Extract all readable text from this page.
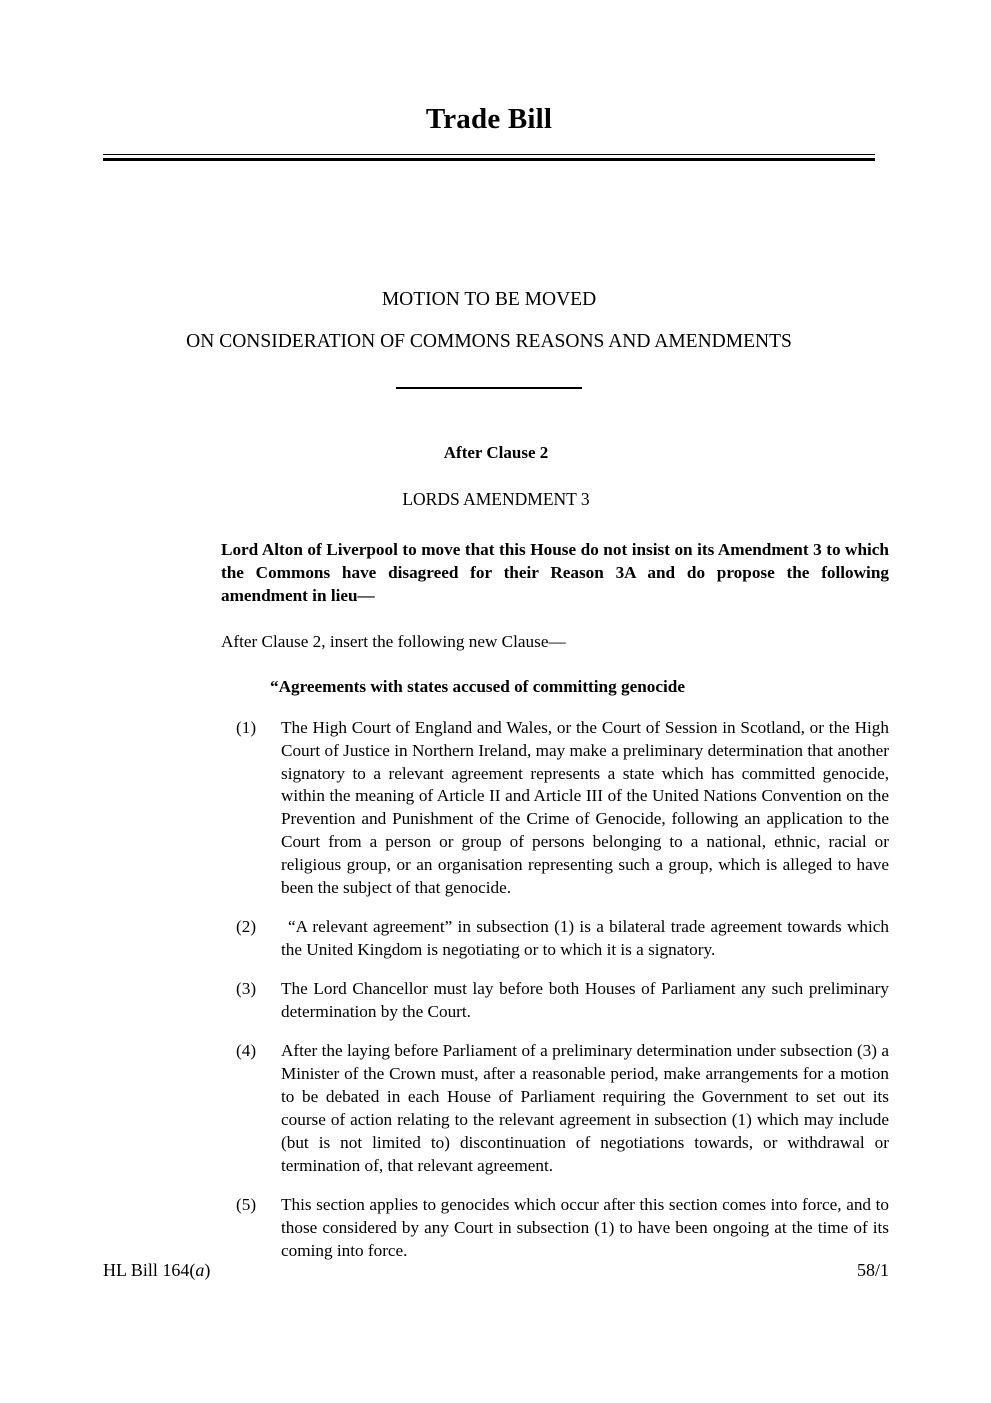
Trade Bill

MOTION TO BE MOVED

ON CONSIDERATION OF COMMONS REASONS AND AMENDMENTS

After Clause 2

LORDS AMENDMENT 3

Lord Alton of Liverpool to move that this House do not insist on its Amendment 3 to which the Commons have disagreed for their Reason 3A and do propose the following amendment in lieu—

After Clause 2, insert the following new Clause—

“Agreements with states accused of committing genocide

(1)	The High Court of England and Wales, or the Court of Session in Scotland, or the High Court of Justice in Northern Ireland, may make a preliminary determination that another signatory to a relevant agreement represents a state which has committed genocide, within the meaning of Article II and Article III of the United Nations Convention on the Prevention and Punishment of the Crime of Genocide, following an application to the Court from a person or group of persons belonging to a national, ethnic, racial or religious group, or an organisation representing such a group, which is alleged to have been the subject of that genocide.
(2)	“A relevant agreement” in subsection (1) is a bilateral trade agreement towards which the United Kingdom is negotiating or to which it is a signatory.
(3)	The Lord Chancellor must lay before both Houses of Parliament any such preliminary determination by the Court.
(4)	After the laying before Parliament of a preliminary determination under subsection (3) a Minister of the Crown must, after a reasonable period, make arrangements for a motion to be debated in each House of Parliament requiring the Government to set out its course of action relating to the relevant agreement in subsection (1) which may include (but is not limited to) discontinuation of negotiations towards, or withdrawal or termination of, that relevant agreement.
(5)	This section applies to genocides which occur after this section comes into force, and to those considered by any Court in subsection (1) to have been ongoing at the time of its coming into force.
HL Bill 164(a)	58/1
